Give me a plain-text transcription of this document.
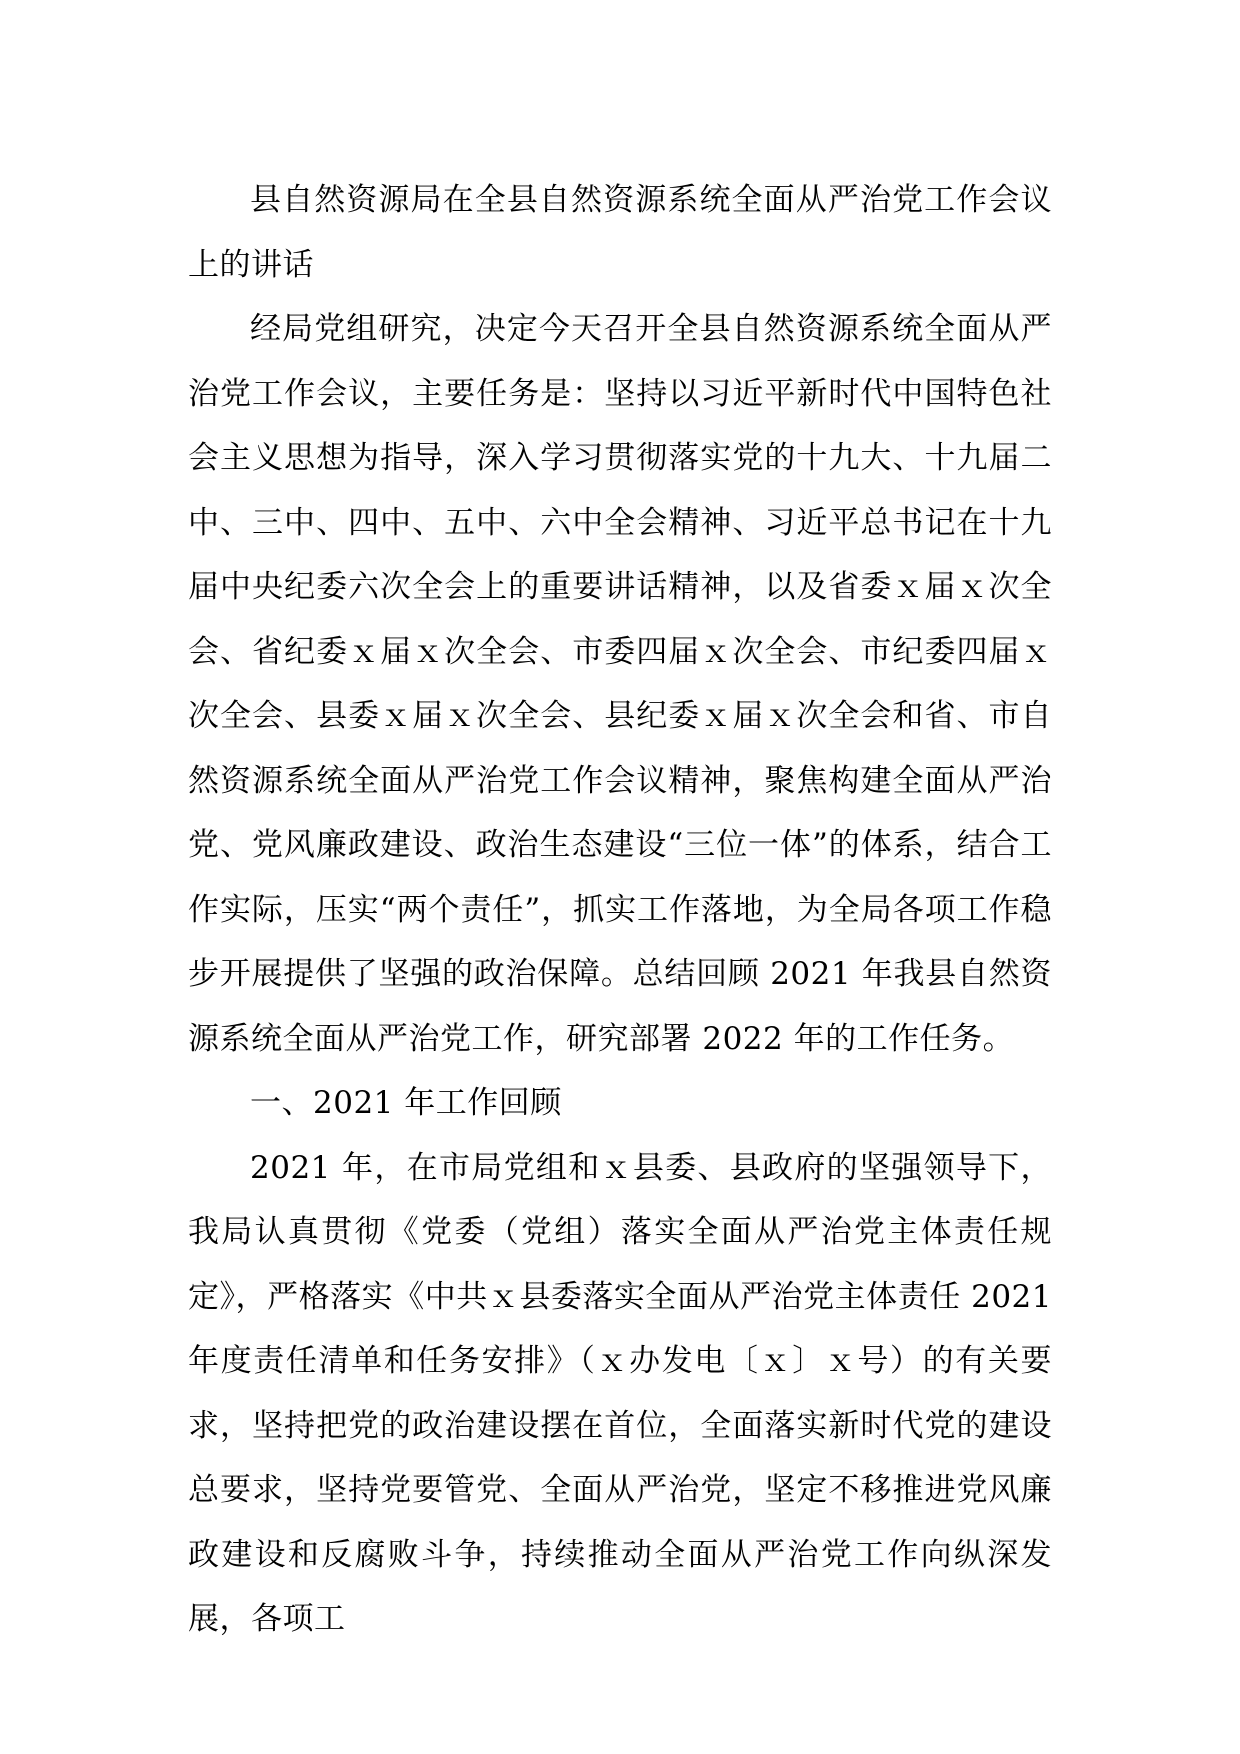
县自然资源局在全县自然资源系统全面从严治党工作会议上的讲话

经局党组研究，决定今天召开全县自然资源系统全面从严治党工作会议，主要任务是：坚持以习近平新时代中国特色社会主义思想为指导，深入学习贯彻落实党的十九大、十九届二中、三中、四中、五中、六中全会精神、习近平总书记在十九届中央纪委六次全会上的重要讲话精神，以及省委ｘ届ｘ次全会、省纪委ｘ届ｘ次全会、市委四届ｘ次全会、市纪委四届ｘ次全会、县委ｘ届ｘ次全会、县纪委ｘ届ｘ次全会和省、市自然资源系统全面从严治党工作会议精神，聚焦构建全面从严治党、党风廉政建设、政治生态建设“三位一体”的体系，结合工作实际，压实“两个责任”，抓实工作落地，为全局各项工作稳步开展提供了坚强的政治保障。总结回顾 2021 年我县自然资源系统全面从严治党工作，研究部署 2022 年的工作任务。

一、2021 年工作回顾

2021 年，在市局党组和ｘ县委、县政府的坚强领导下，我局认真贯彻《党委（党组）落实全面从严治党主体责任规定》，严格落实《中共ｘ县委落实全面从严治党主体责任 2021 年度责任清单和任务安排》（ｘ办发电〔ｘ〕ｘ号）的有关要求，坚持把党的政治建设摆在首位，全面落实新时代党的建设总要求，坚持党要管党、全面从严治党，坚定不移推进党风廉政建设和反腐败斗争，持续推动全面从严治党工作向纵深发展，各项工
